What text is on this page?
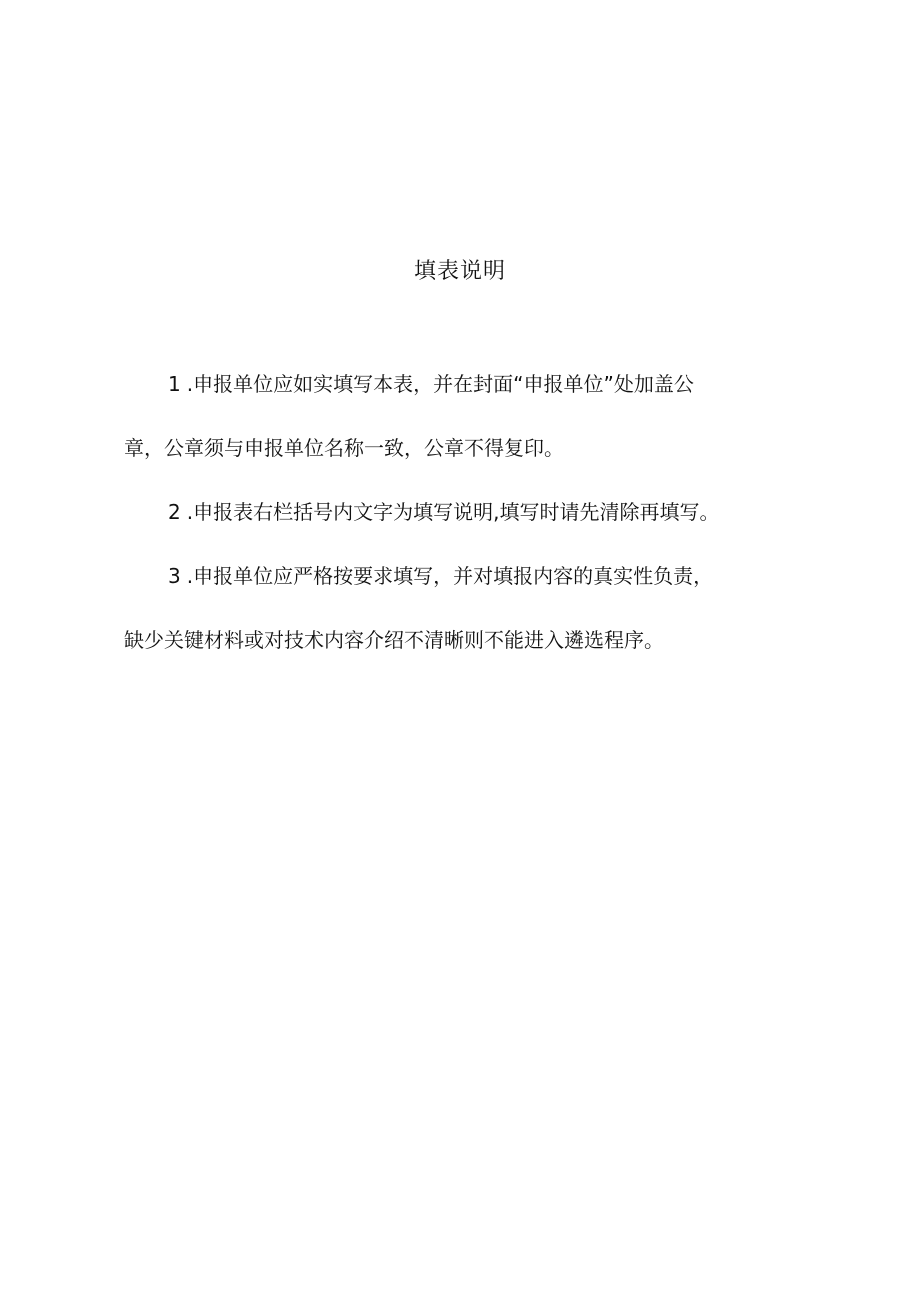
填表说明
1 .申报单位应如实填写本表，并在封面“申报单位”处加盖公
章，公章须与申报单位名称一致，公章不得复印。
2 .申报表右栏括号内文字为填写说明,填写时请先清除再填写。
3 .申报单位应严格按要求填写，并对填报内容的真实性负责，
缺少关键材料或对技术内容介绍不清晰则不能进入遴选程序。
